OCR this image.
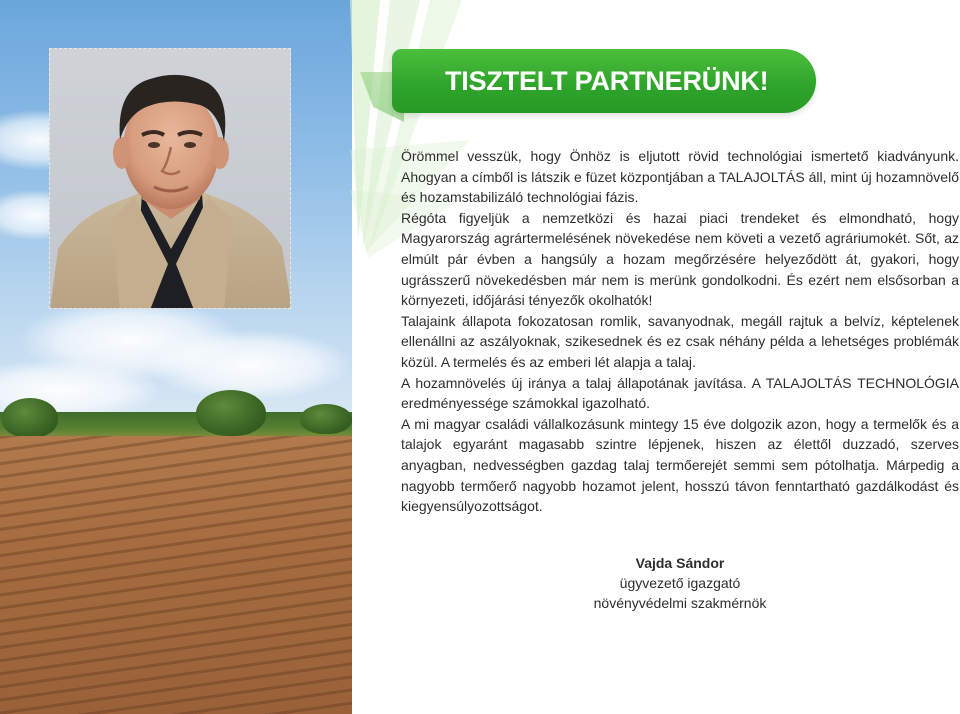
TISZTELT PARTNERÜNK!

Örömmel vesszük, hogy Önhöz is eljutott rövid technológiai ismertető kiadványunk. Ahogyan a címből is látszik e füzet központjában a TALAJOLTÁS áll, mint új hozamnövelő és hozamstabilizáló technológiai fázis.

Régóta figyeljük a nemzetközi és hazai piaci trendeket és elmondható, hogy Magyarország agrártermelésének növekedése nem követi a vezető agráriumokét. Sőt, az elmúlt pár évben a hangsúly a hozam megőrzésére helyeződött át, gyakori, hogy ugrásszerű növekedésben már nem is merünk gondolkodni. És ezért nem elsősorban a környezeti, időjárási tényezők okolhatók!

Talajaink állapota fokozatosan romlik, savanyodnak, megáll rajtuk a belvíz, képtelenek ellenállni az aszályoknak, szikesednek és ez csak néhány példa a lehetséges problémák közül. A termelés és az emberi lét alapja a talaj.

A hozamnövelés új iránya a talaj állapotának javítása. A TALAJOLTÁS TECHNOLÓGIA eredményessége számokkal igazolható.

A mi magyar családi vállalkozásunk mintegy 15 éve dolgozik azon, hogy a termelők és a talajok egyaránt magasabb szintre lépjenek, hiszen az élettől duzzadó, szerves anyagban, nedvességben gazdag talaj termőerejét semmi sem pótolhatja. Márpedig a nagyobb termőerő nagyobb hozamot jelent, hosszú távon fenntartható gazdálkodást és kiegyensúlyozottságot.

Vajda Sándor
ügyvezető igazgató
növényvédelmi szakmérnök
